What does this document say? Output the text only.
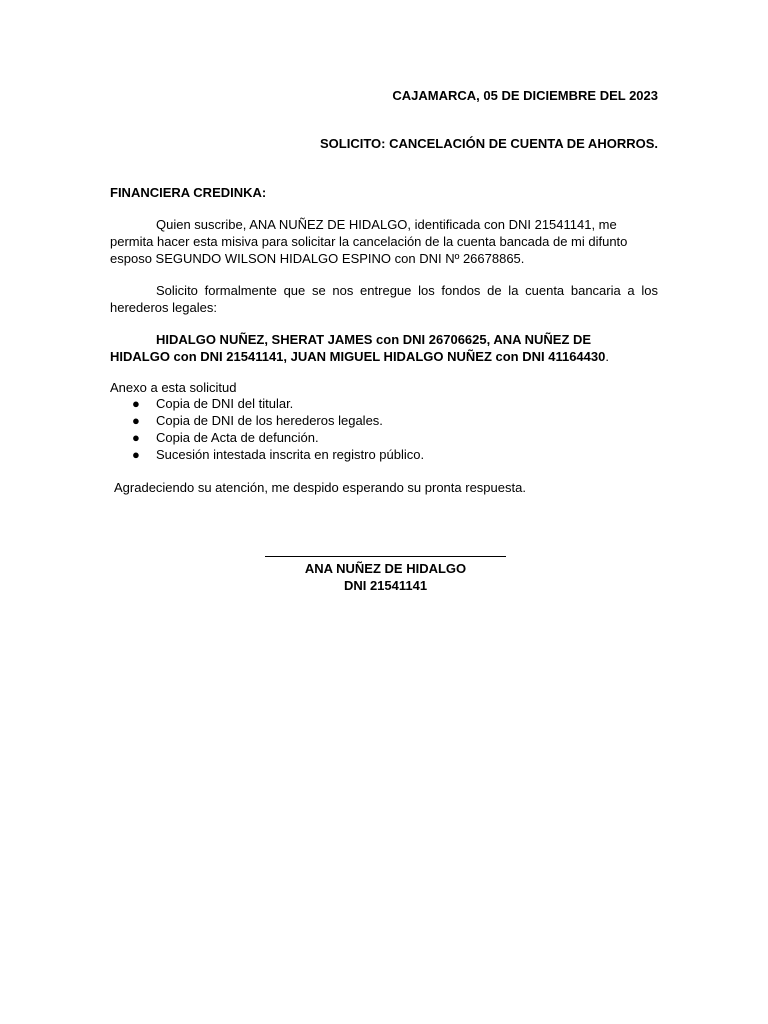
CAJAMARCA, 05 DE DICIEMBRE DEL 2023
SOLICITO: CANCELACIÓN DE CUENTA DE AHORROS.
FINANCIERA CREDINKA:
Quien suscribe, ANA NUÑEZ DE HIDALGO, identificada con DNI 21541141, me permita hacer esta misiva para solicitar la cancelación de la cuenta bancada de mi difunto esposo SEGUNDO WILSON HIDALGO ESPINO con DNI Nº 26678865.
Solicito formalmente que se nos entregue los fondos de la cuenta bancaria a los herederos legales:
HIDALGO NUÑEZ, SHERAT JAMES con DNI 26706625, ANA NUÑEZ DE HIDALGO con DNI 21541141, JUAN MIGUEL HIDALGO NUÑEZ con DNI 41164430.
Anexo a esta solicitud
● Copia de DNI del titular.
● Copia de DNI de los herederos legales.
● Copia de Acta de defunción.
● Sucesión intestada inscrita en registro público.
Agradeciendo su atención, me despido esperando su pronta respuesta.
ANA NUÑEZ DE HIDALGO
DNI 21541141
